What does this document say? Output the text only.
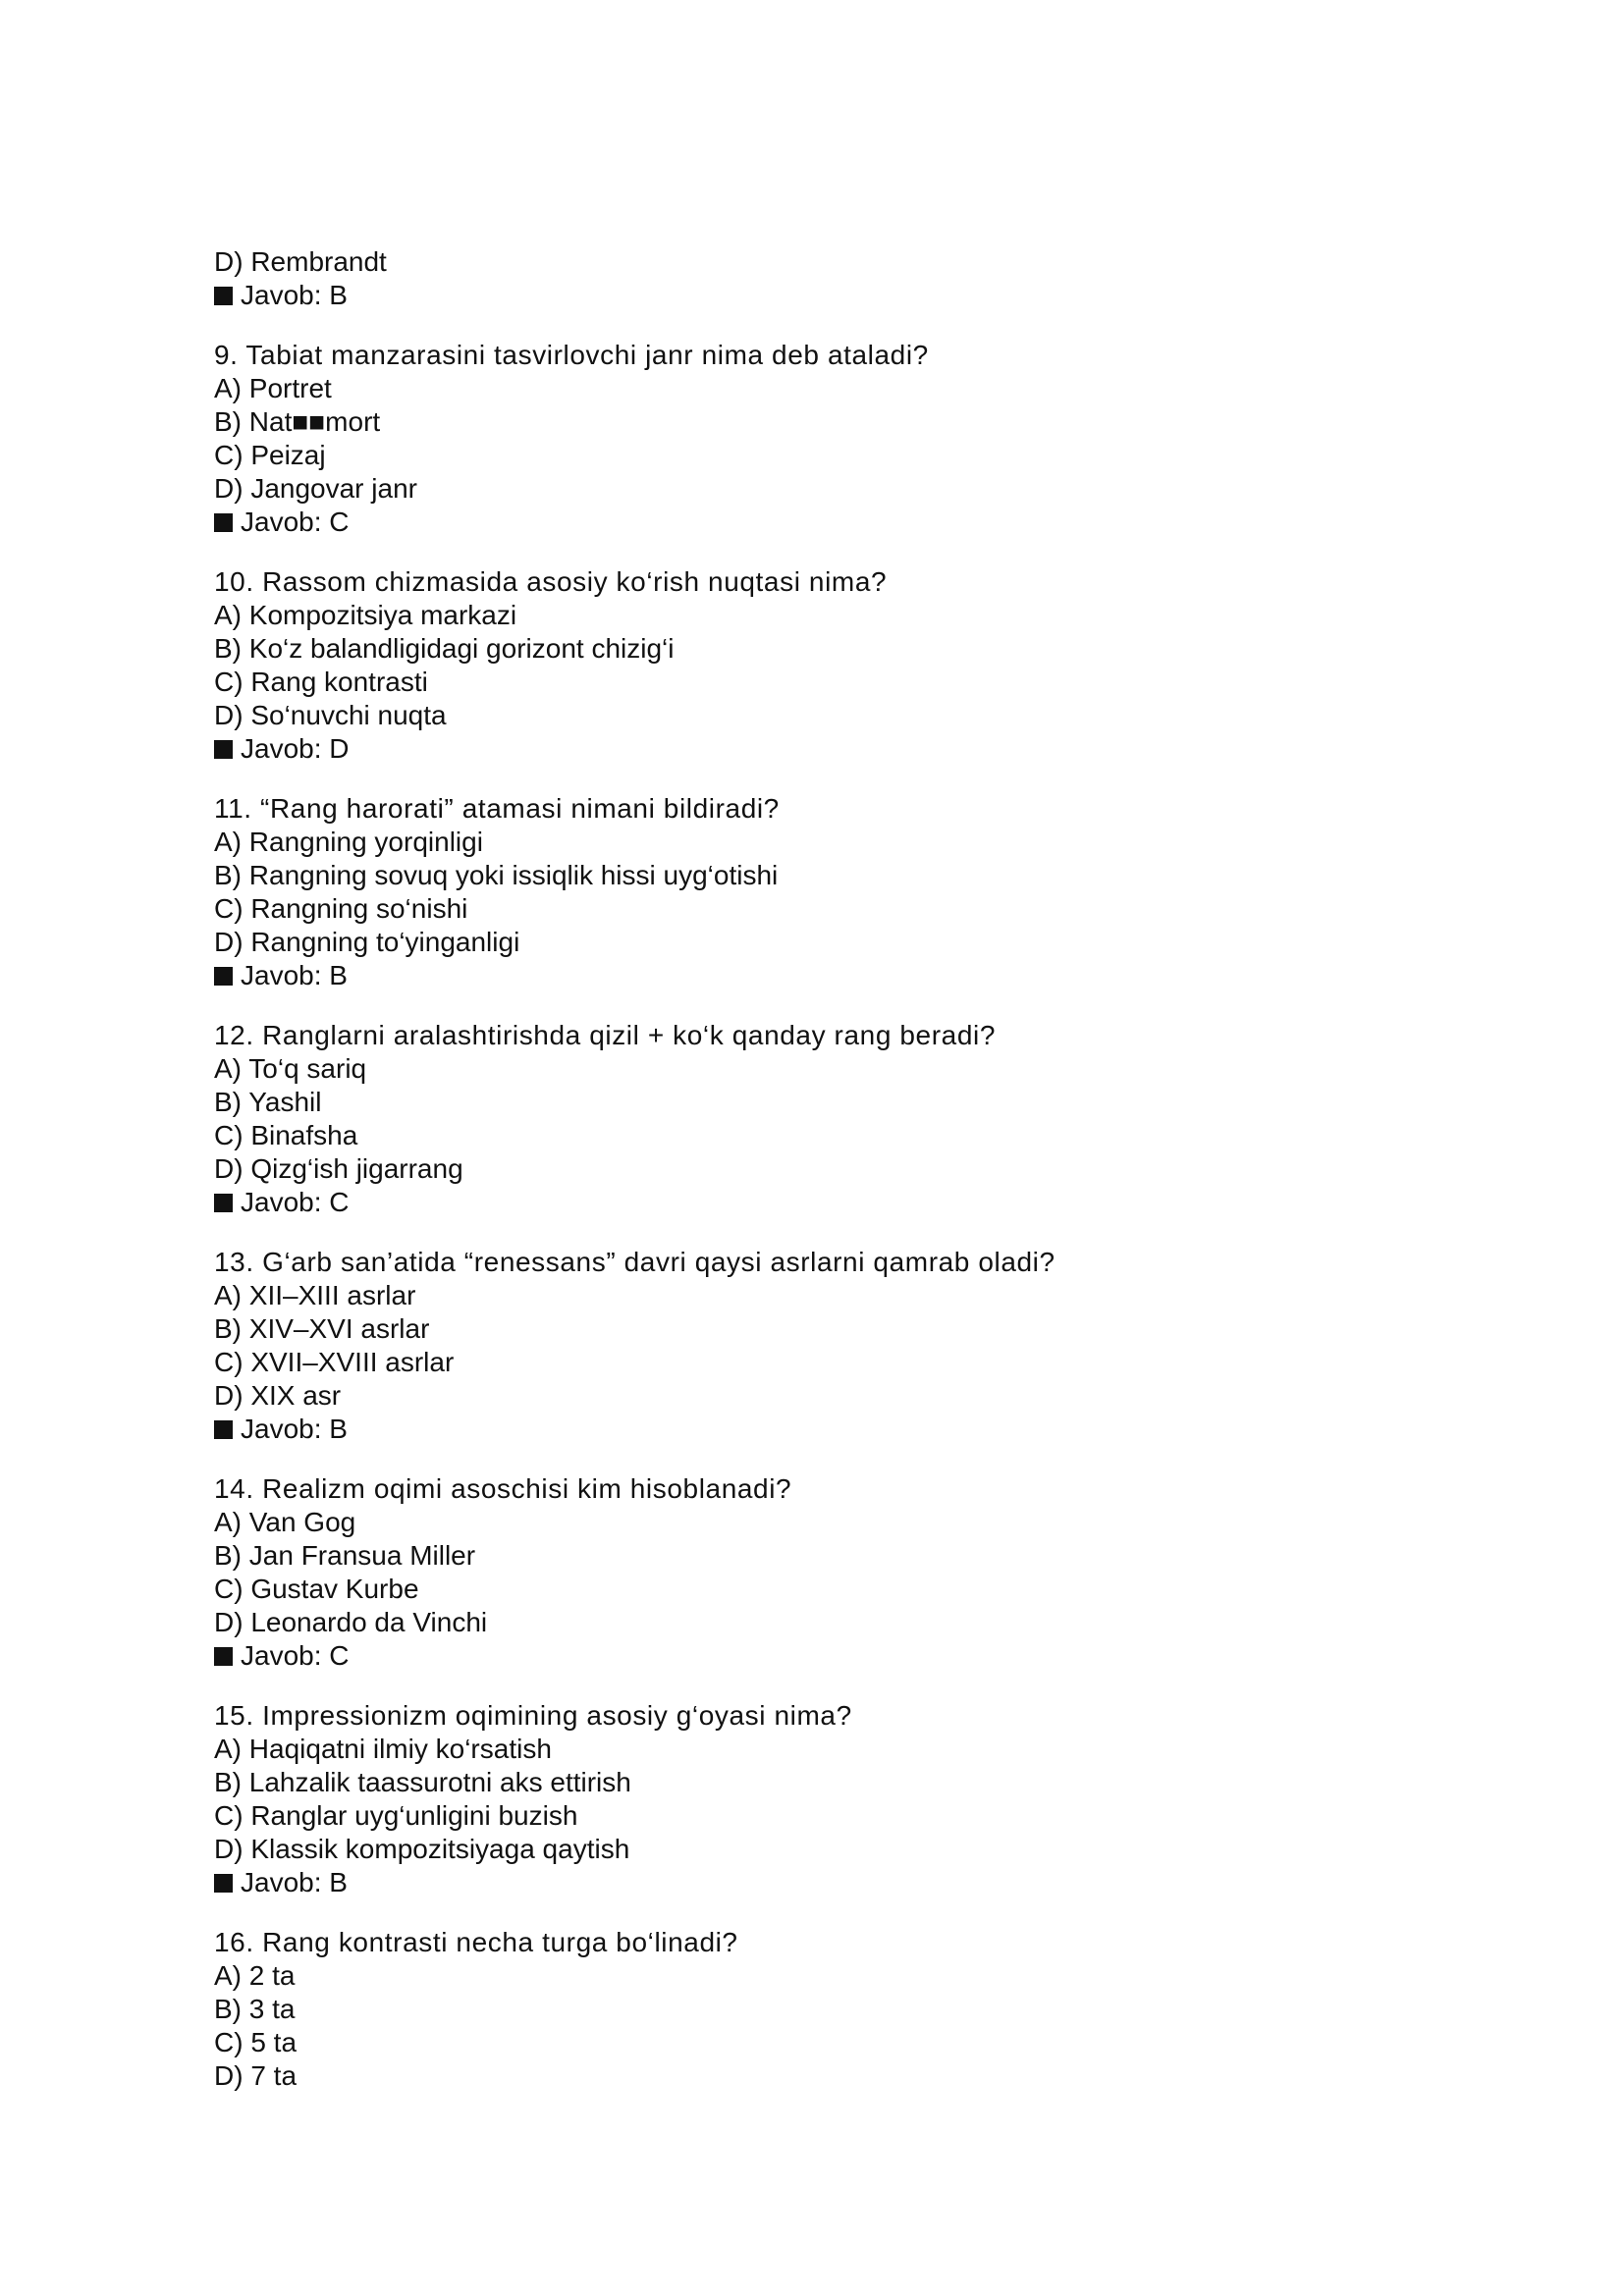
D) Rembrandt
Javob: B
9. Tabiat manzarasini tasvirlovchi janr nima deb ataladi?
A) Portret
B) Nat■■mort
C) Peizaj
D) Jangovar janr
Javob: C
10. Rassom chizmasida asosiy ko‘rish nuqtasi nima?
A) Kompozitsiya markazi
B) Ko‘z balandligidagi gorizont chizig‘i
C) Rang kontrasti
D) So‘nuvchi nuqta
Javob: D
11. “Rang harorati” atamasi nimani bildiradi?
A) Rangning yorqinligi
B) Rangning sovuq yoki issiqlik hissi uyg‘otishi
C) Rangning so‘nishi
D) Rangning to‘yinganligi
Javob: B
12. Ranglarni aralashtirishda qizil + ko‘k qanday rang beradi?
A) To‘q sariq
B) Yashil
C) Binafsha
D) Qizg‘ish jigarrang
Javob: C
13. G‘arb san’atida “renessans” davri qaysi asrlarni qamrab oladi?
A) XII–XIII asrlar
B) XIV–XVI asrlar
C) XVII–XVIII asrlar
D) XIX asr
Javob: B
14. Realizm oqimi asoschisi kim hisoblanadi?
A) Van Gog
B) Jan Fransua Miller
C) Gustav Kurbe
D) Leonardo da Vinchi
Javob: C
15. Impressionizm oqimining asosiy g‘oyasi nima?
A) Haqiqatni ilmiy ko‘rsatish
B) Lahzalik taassurotni aks ettirish
C) Ranglar uyg‘unligini buzish
D) Klassik kompozitsiyaga qaytish
Javob: B
16. Rang kontrasti necha turga bo‘linadi?
A) 2 ta
B) 3 ta
C) 5 ta
D) 7 ta
